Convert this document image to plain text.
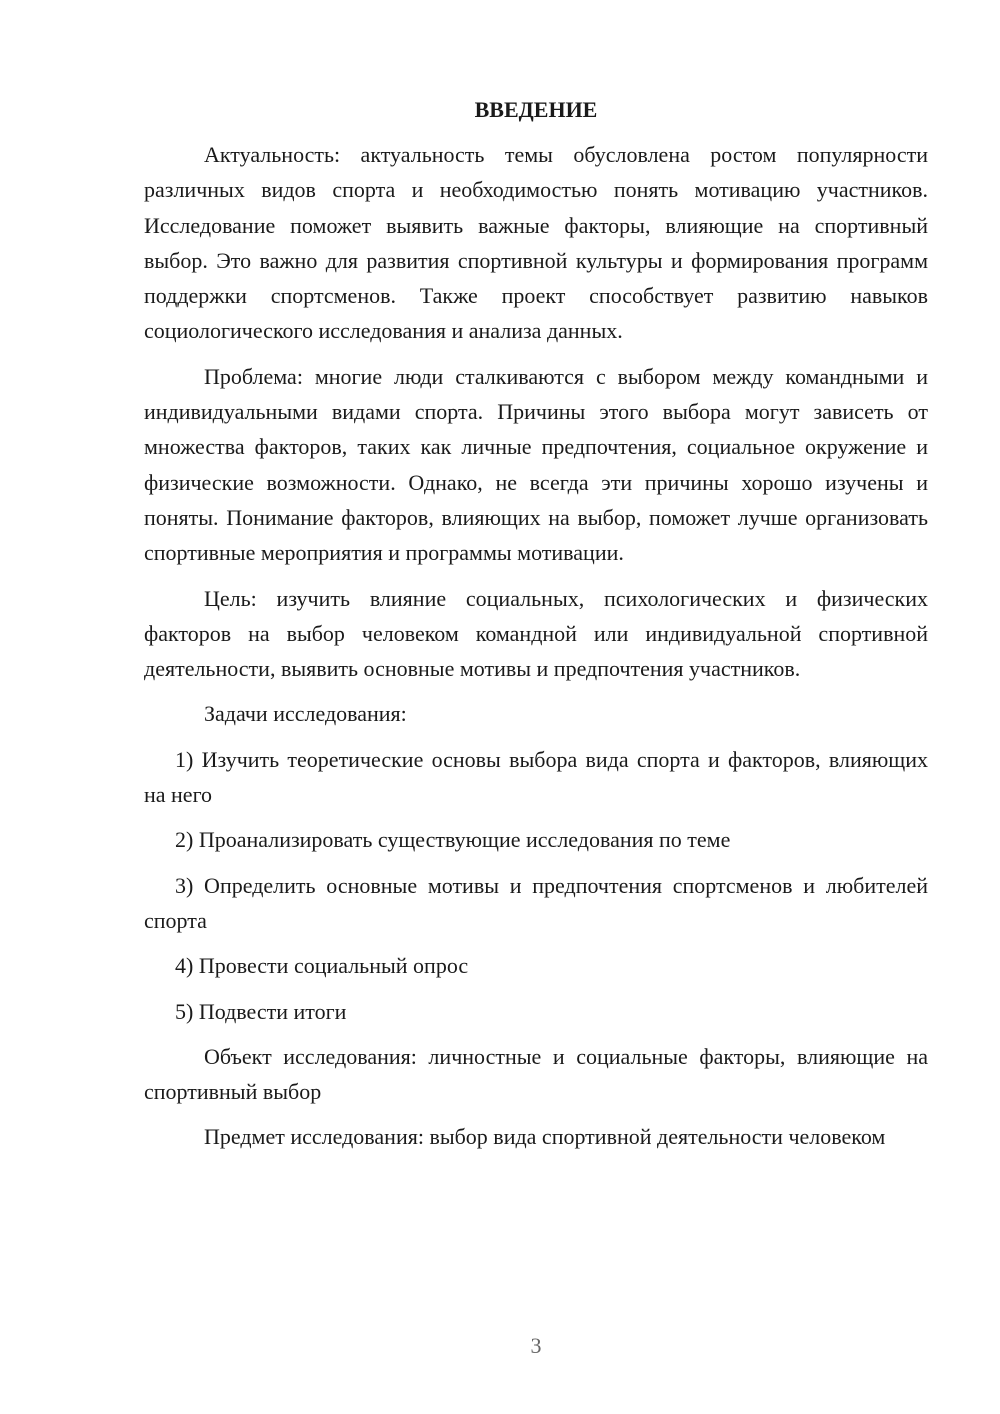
ВВЕДЕНИЕ

Актуальность: актуальность темы обусловлена ростом популярности различных видов спорта и необходимостью понять мотивацию участников. Исследование поможет выявить важные факторы, влияющие на спортивный выбор. Это важно для развития спортивной культуры и формирования программ поддержки спортсменов. Также проект способствует развитию навыков социологического исследования и анализа данных.

Проблема: многие люди сталкиваются с выбором между командными и индивидуальными видами спорта. Причины этого выбора могут зависеть от множества факторов, таких как личные предпочтения, социальное окружение и физические возможности. Однако, не всегда эти причины хорошо изучены и поняты. Понимание факторов, влияющих на выбор, поможет лучше организовать спортивные мероприятия и программы мотивации.

Цель: изучить влияние социальных, психологических и физических факторов на выбор человеком командной или индивидуальной спортивной деятельности, выявить основные мотивы и предпочтения участников.

Задачи исследования:

1) Изучить теоретические основы выбора вида спорта и факторов, влияющих на него

2) Проанализировать существующие исследования по теме

3) Определить основные мотивы и предпочтения спортсменов и любителей спорта

4) Провести социальный опрос

5) Подвести итоги

Объект исследования: личностные и социальные факторы, влияющие на спортивный выбор

Предмет исследования: выбор вида спортивной деятельности человеком

3
